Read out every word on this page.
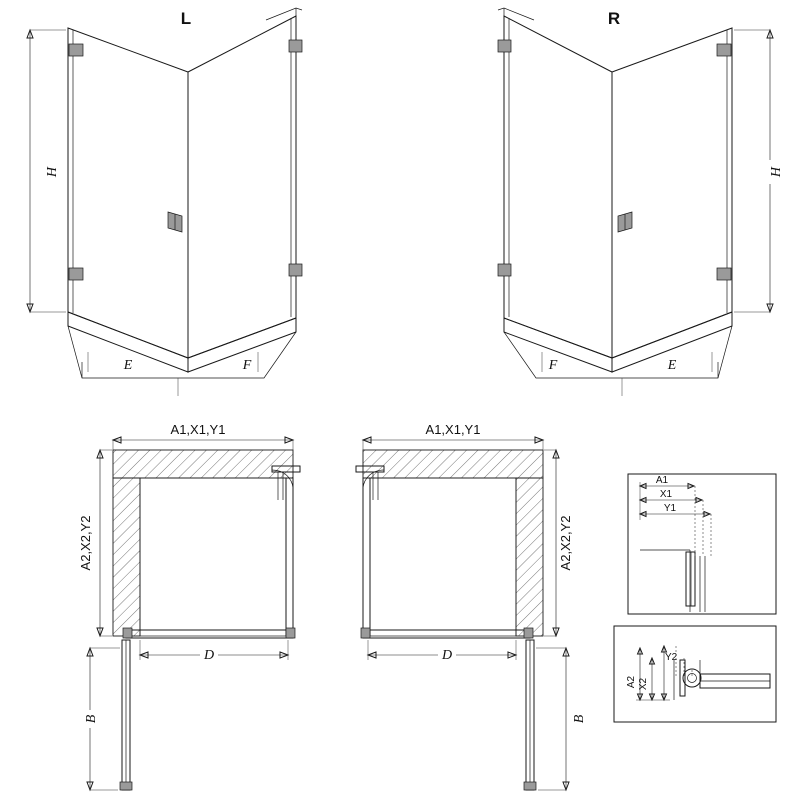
H
E	F
L
H
E
F
R
A1,X1,Y1
A2,X2,Y2
D
B
A1,X1,Y1
A2,X2,Y2
D
B
A1
X1
Y1
A2 X2
Y2
